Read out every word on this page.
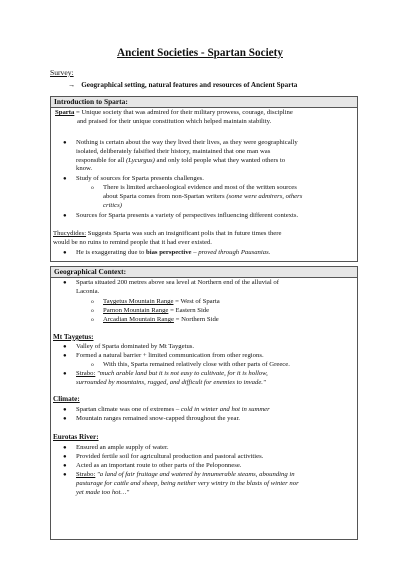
Ancient Societies - Spartan Society
Survey:
→ Geographical setting, natural features and resources of Ancient Sparta
Introduction to Sparta:

Sparta = Unique society that was admired for their military prowess, courage, discipline

and praised for their unique constitution which helped maintain stability.

● Nothing is certain about the way they lived their lives, as they were geographically

isolated, deliberately falsified their history, maintained that one man was

responsible for all (Lycurgus) and only told people what they wanted others to

know.

● Study of sources for Sparta presents challenges.

o There is limited archaeological evidence and most of the written sources

about Sparta comes from non-Spartan writers (some were admirers, others

critics)

● Sources for Sparta presents a variety of perspectives influencing different contexts.

Thucydides: Suggests Sparta was such an insignificant polis that in future times there

would be no ruins to remind people that it had ever existed.

● He is exaggerating due to bias perspective – proved through Pausanias.

Geographical Context:
● Sparta situated 200 metres above sea level at Northern end of the alluvial of

Laconia.

o Taygetus Mountain Range = West of Sparta

o Parnon Mountain Range = Eastern Side

o Arcadian Mountain Range = Northern Side

Mt Taygetus:
● Valley of Sparta dominated by Mt Taygetus.

● Formed a natural barrier + limited communication from other regions.

o With this, Sparta remained relatively close with other parts of Greece.

● Strabo: "much arable land but it is not easy to cultivate, for it is hollow,

surrounded by mountains, rugged, and difficult for enemies to invade."

Climate:
● Spartan climate was one of extremes – cold in winter and hot in summer

● Mountain ranges remained snow-capped throughout the year.

Eurotas River:
● Ensured an ample supply of water.

● Provided fertile soil for agricultural production and pastoral activities.

● Acted as an important route to other parts of the Peloponnese.

● Strabo: "a land of fair fruitage and watered by innumerable steams, abounding in

pasturage for cattle and sheep, being neither very wintry in the blasts of winter nor

yet made too hot…"
